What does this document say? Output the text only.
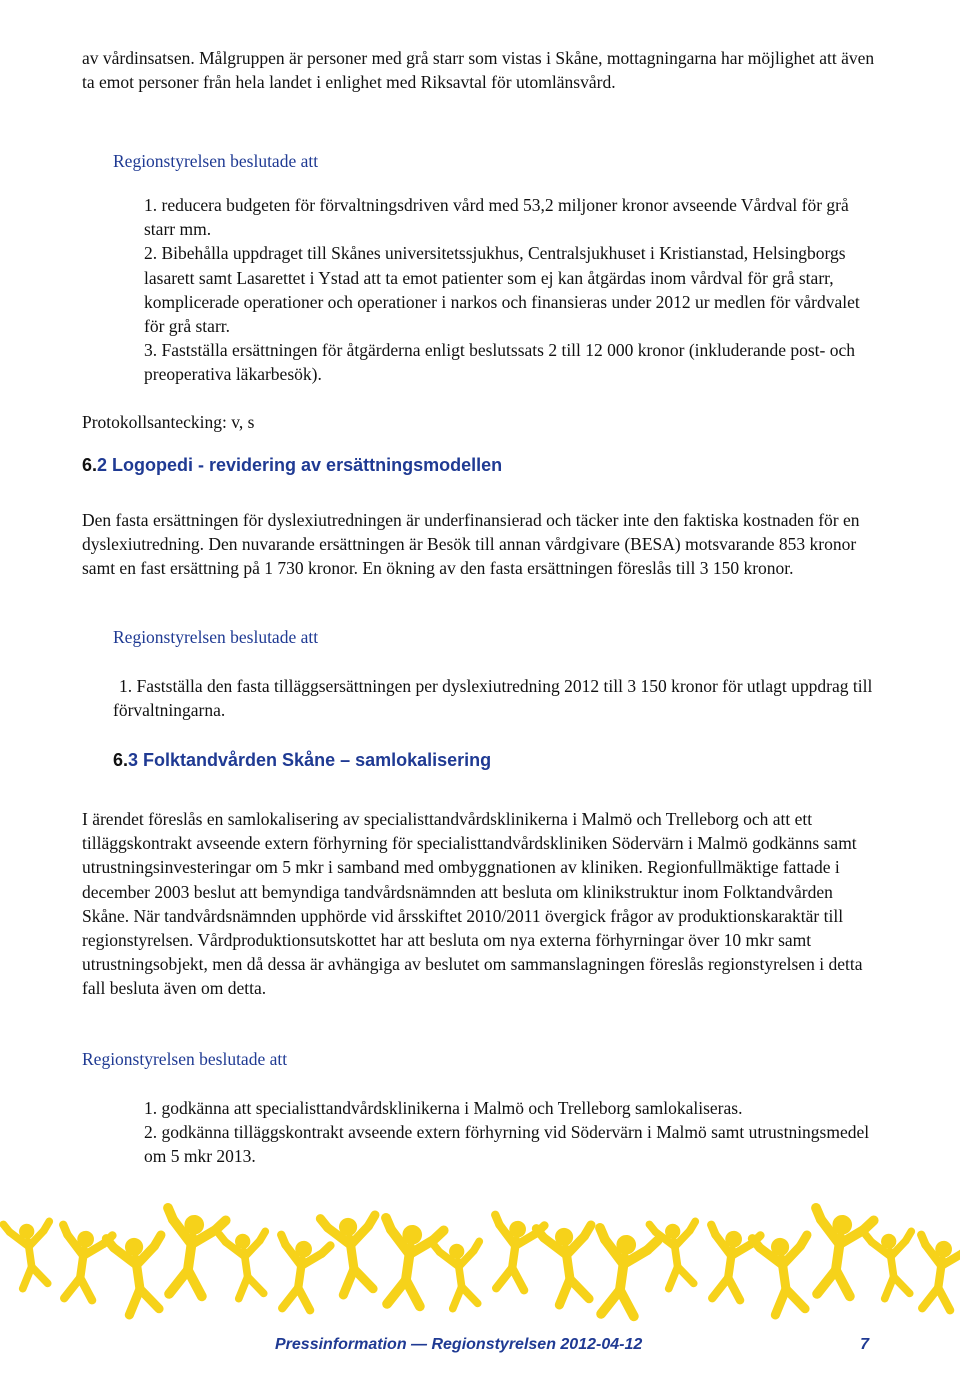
av vårdinsatsen. Målgruppen är personer med grå starr som vistas i Skåne, mottagningarna har möjlighet att även ta emot personer från hela landet i enlighet med Riksavtal för utomlänsvård.

Regionstyrelsen beslutade att

1. reducera budgeten för förvaltningsdriven vård med 53,2 miljoner kronor avseende Vårdval för grå starr mm.
2. Bibehålla uppdraget till Skånes universitetssjukhus, Centralsjukhuset i Kristianstad, Helsingborgs lasarett samt Lasarettet i Ystad att ta emot patienter som ej kan åtgärdas inom vårdval för grå starr, komplicerade operationer och operationer i narkos och finansieras under 2012 ur medlen för vårdvalet för grå starr.
3. Fastställa ersättningen för åtgärderna enligt beslutssats 2 till 12 000 kronor (inkluderande post- och preoperativa läkarbesök).

Protokollsantecking: v, s

6.2 Logopedi - revidering av ersättningsmodellen

Den fasta ersättningen för dyslexiutredningen är underfinansierad och täcker inte den faktiska kostnaden för en dyslexiutredning. Den nuvarande ersättningen är Besök till annan vårdgivare (BESA) motsvarande 853 kronor samt en fast ersättning på 1 730 kronor. En ökning av den fasta ersättningen föreslås till 3 150 kronor.

Regionstyrelsen beslutade att

1. Fastställa den fasta tilläggsersättningen per dyslexiutredning 2012 till 3 150 kronor för utlagt uppdrag till förvaltningarna.
6.3 Folktandvården Skåne – samlokalisering

I ärendet föreslås en samlokalisering av specialisttandvårdsklinikerna i Malmö och Trelleborg och att ett tilläggskontrakt avseende extern förhyrning för specialisttandvårdskliniken Södervärn i Malmö godkänns samt utrustningsinvesteringar om 5 mkr i samband med ombyggnationen av kliniken. Regionfullmäktige fattade i december 2003 beslut att bemyndiga tandvårdsnämnden att besluta om klinikstruktur inom Folktandvården Skåne. När tandvårdsnämnden upphörde vid årsskiftet 2010/2011 övergick frågor av produktionskaraktär till regionstyrelsen. Vårdproduktionsutskottet har att besluta om nya externa förhyrningar över 10 mkr samt utrustningsobjekt, men då dessa är avhängiga av beslutet om sammanslagningen föreslås regionstyrelsen i detta fall besluta även om detta.

Regionstyrelsen beslutade att

1. godkänna att specialisttandvårdsklinikerna i Malmö och Trelleborg samlokaliseras.
2. godkänna tilläggskontrakt avseende extern förhyrning vid Södervärn i Malmö samt utrustningsmedel om 5 mkr 2013.
Pressinformation — Regionstyrelsen 2012-04-12	7
